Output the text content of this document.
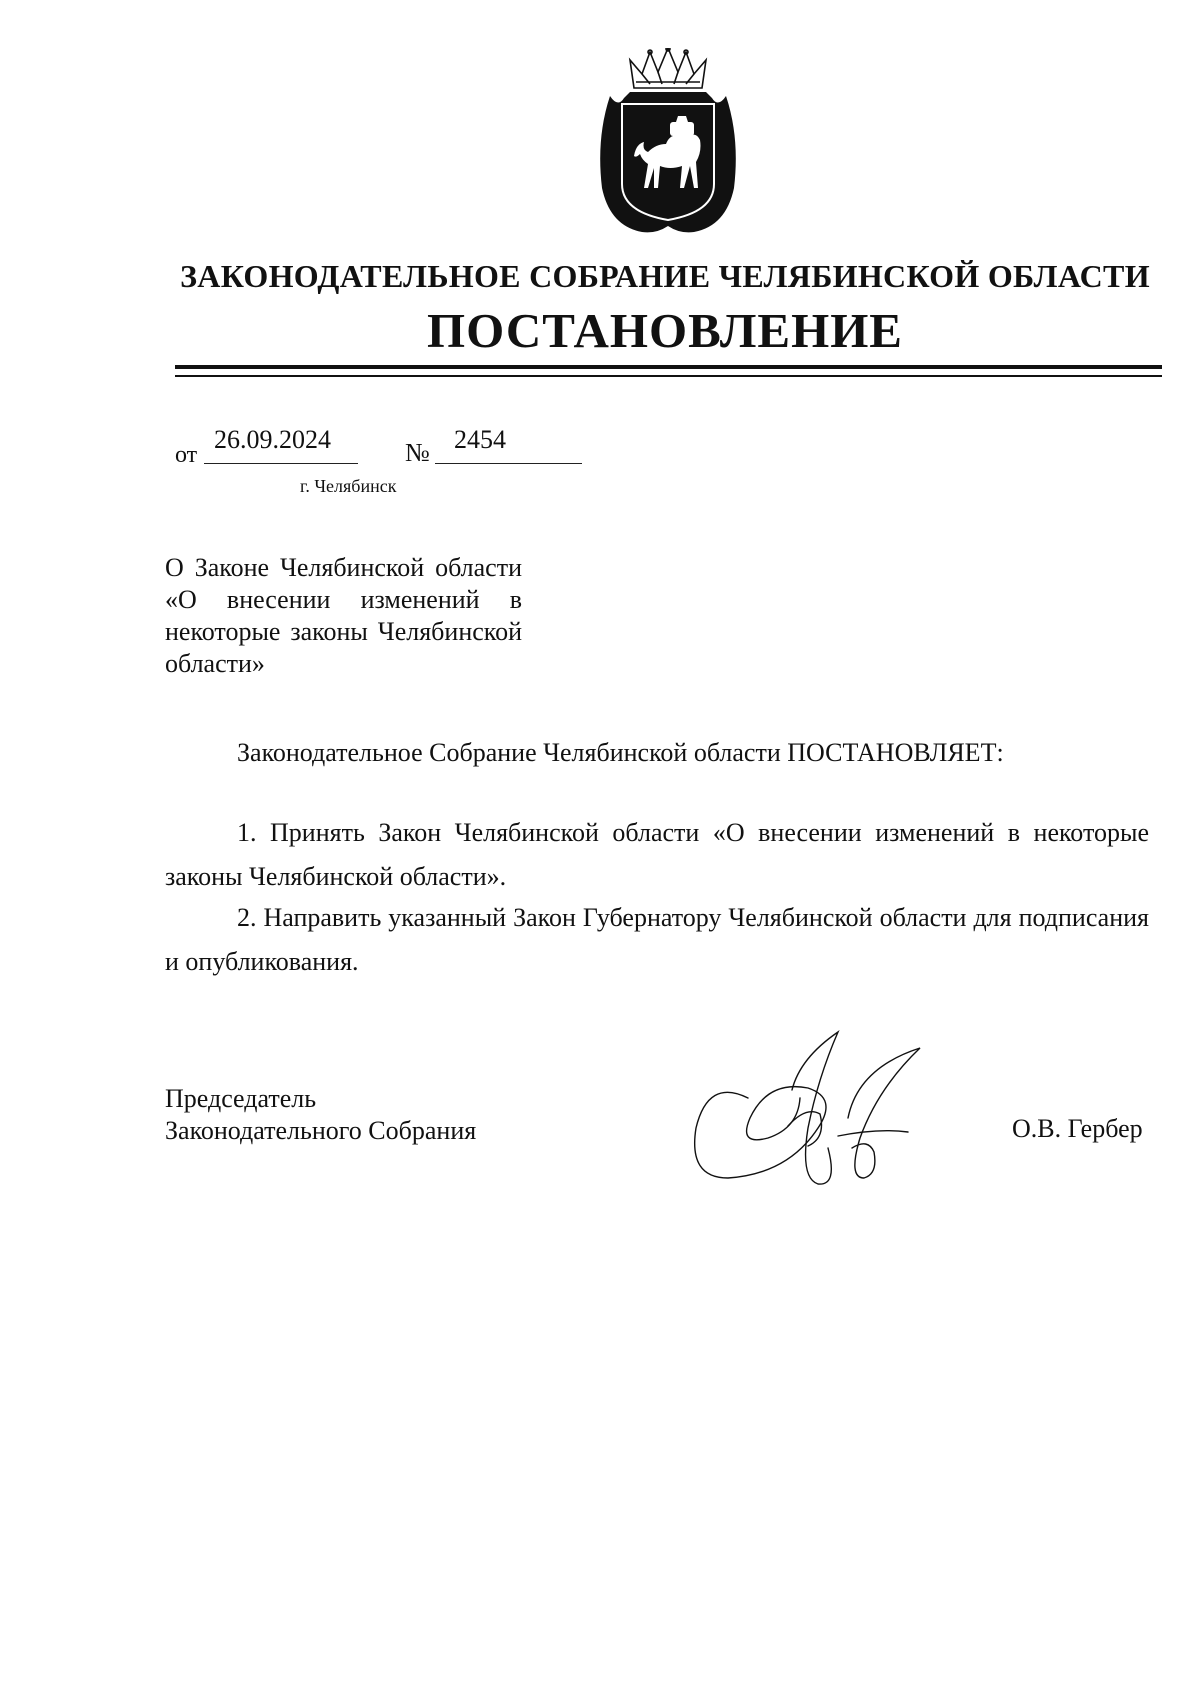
ЗАКОНОДАТЕЛЬНОЕ СОБРАНИЕ ЧЕЛЯБИНСКОЙ ОБЛАСТИ
ПОСТАНОВЛЕНИЕ
от
26.09.2024	№ 2454
г. Челябинск
О Законе Челябинской области «О внесении изменений в некоторые законы Челябинской области»
Законодательное Собрание Челябинской области ПОСТАНОВЛЯЕТ:
1. Принять Закон Челябинской области «О внесении изменений в некоторые законы Челябинской области».
2. Направить указанный Закон Губернатору Челябинской области для подписания и опубликования.
Председатель
Законодательного Собрания	О.В. Гербер
